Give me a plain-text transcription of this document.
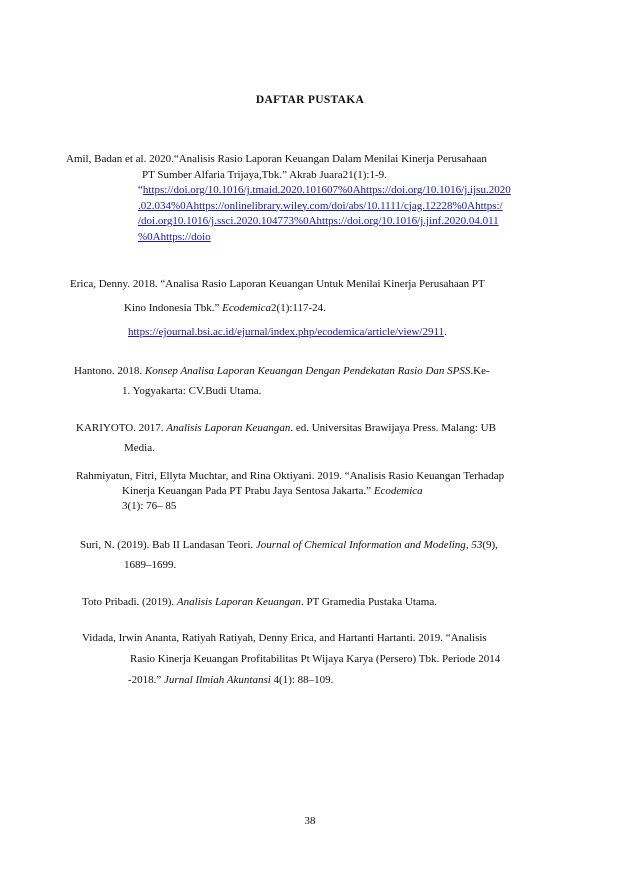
DAFTAR PUSTAKA
Amil, Badan et al. 2020.“Analisis Rasio Laporan Keuangan Dalam Menilai Kinerja Perusahaan
PT Sumber Alfaria Trijaya,Tbk.” Akrab Juara21(1):1-9.
“https://doi.org/10.1016/j.tmaid.2020.101607%0Ahttps://doi.org/10.1016/j.ijsu.2020
.02.034%0Ahttps://onlinelibrary.wiley.com/doi/abs/10.1111/cjag.12228%0Ahttps:/
/doi.org10.1016/j.ssci.2020.104773%0Ahttps://doi.org/10.1016/j.jinf.2020.04.011
%0Ahttps://doio
Erica, Denny. 2018. “Analisa Rasio Laporan Keuangan Untuk Menilai Kinerja Perusahaan PT
Kino Indonesia Tbk.” Ecodemica2(1):117-24.
https://ejournal.bsi.ac.id/ejurnal/index.php/ecodemica/article/view/2911.
Hantono. 2018. Konsep Analisa Laporan Keuangan Dengan Pendekatan Rasio Dan SPSS.Ke-
1. Yogyakarta: CV.Budi Utama.
KARIYOTO. 2017. Analisis Laporan Keuangan. ed. Universitas Brawijaya Press. Malang: UB
Media.
Rahmiyatun, Fitri, Ellyta Muchtar, and Rina Oktiyani. 2019. “Analisis Rasio Keuangan Terhadap
Kinerja Keuangan Pada PT Prabu Jaya Sentosa Jakarta.” Ecodemica
3(1): 76– 85
Suri, N. (2019). Bab II Landasan Teori. Journal of Chemical Information and Modeling, 53(9),
1689–1699.
Toto Pribadi. (2019). Analisis Laporan Keuangan. PT Gramedia Pustaka Utama.
Vidada, Irwin Ananta, Ratiyah Ratiyah, Denny Erica, and Hartanti Hartanti. 2019. “Analisis
Rasio Kinerja Keuangan Profitabilitas Pt Wijaya Karya (Persero) Tbk. Periode 2014
-2018.” Jurnal Ilmiah Akuntansi 4(1): 88–109.
38
